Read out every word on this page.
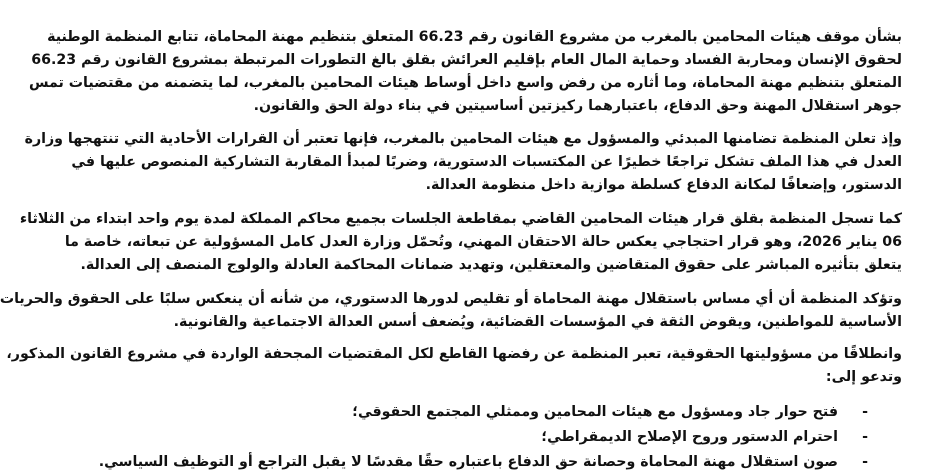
بشأن موقف هيئات المحامين بالمغرب من مشروع القانون رقم 66.23 المتعلق بتنظيم مهنة المحاماة، تتابع المنظمة الوطنية
لحقوق الإنسان ومحاربة الفساد وحماية المال العام بإقليم العرائش بقلق بالغ التطورات المرتبطة بمشروع القانون رقم 66.23
المتعلق بتنظيم مهنة المحاماة، وما أثاره من رفض واسع داخل أوساط هيئات المحامين بالمغرب، لما يتضمنه من مقتضيات تمس
جوهر استقلال المهنة وحق الدفاع، باعتبارهما ركيزتين أساسيتين في بناء دولة الحق والقانون.
وإذ تعلن المنظمة تضامنها المبدئي والمسؤول مع هيئات المحامين بالمغرب، فإنها تعتبر أن القرارات الأحادية التي تنتهجها وزارة
العدل في هذا الملف تشكل تراجعًا خطيرًا عن المكتسبات الدستورية، وضربًا لمبدأ المقاربة التشاركية المنصوص عليها في
الدستور، وإضعافًا لمكانة الدفاع كسلطة موازية داخل منظومة العدالة.
كما تسجل المنظمة بقلق قرار هيئات المحامين القاضي بمقاطعة الجلسات بجميع محاكم المملكة لمدة يوم واحد ابتداء من الثلاثاء
06 يناير 2026، وهو قرار احتجاجي يعكس حالة الاحتقان المهني، وتُحمّل وزارة العدل كامل المسؤولية عن تبعاته، خاصة ما
يتعلق بتأثيره المباشر على حقوق المتقاضين والمعتقلين، وتهديد ضمانات المحاكمة العادلة والولوج المنصف إلى العدالة.
وتؤكد المنظمة أن أي مساس باستقلال مهنة المحاماة أو تقليص لدورها الدستوري، من شأنه أن ينعكس سلبًا على الحقوق والحريات
الأساسية للمواطنين، ويقوض الثقة في المؤسسات القضائية، ويُضعف أسس العدالة الاجتماعية والقانونية.
وانطلاقًا من مسؤوليتها الحقوقية، تعبر المنظمة عن رفضها القاطع لكل المقتضيات المجحفة الواردة في مشروع القانون المذكور،
وتدعو إلى:
-
فتح حوار جاد ومسؤول مع هيئات المحامين وممثلي المجتمع الحقوقي؛
-
احترام الدستور وروح الإصلاح الديمقراطي؛
-
صون استقلال مهنة المحاماة وحصانة حق الدفاع باعتباره حقًا مقدسًا لا يقبل التراجع أو التوظيف السياسي.
